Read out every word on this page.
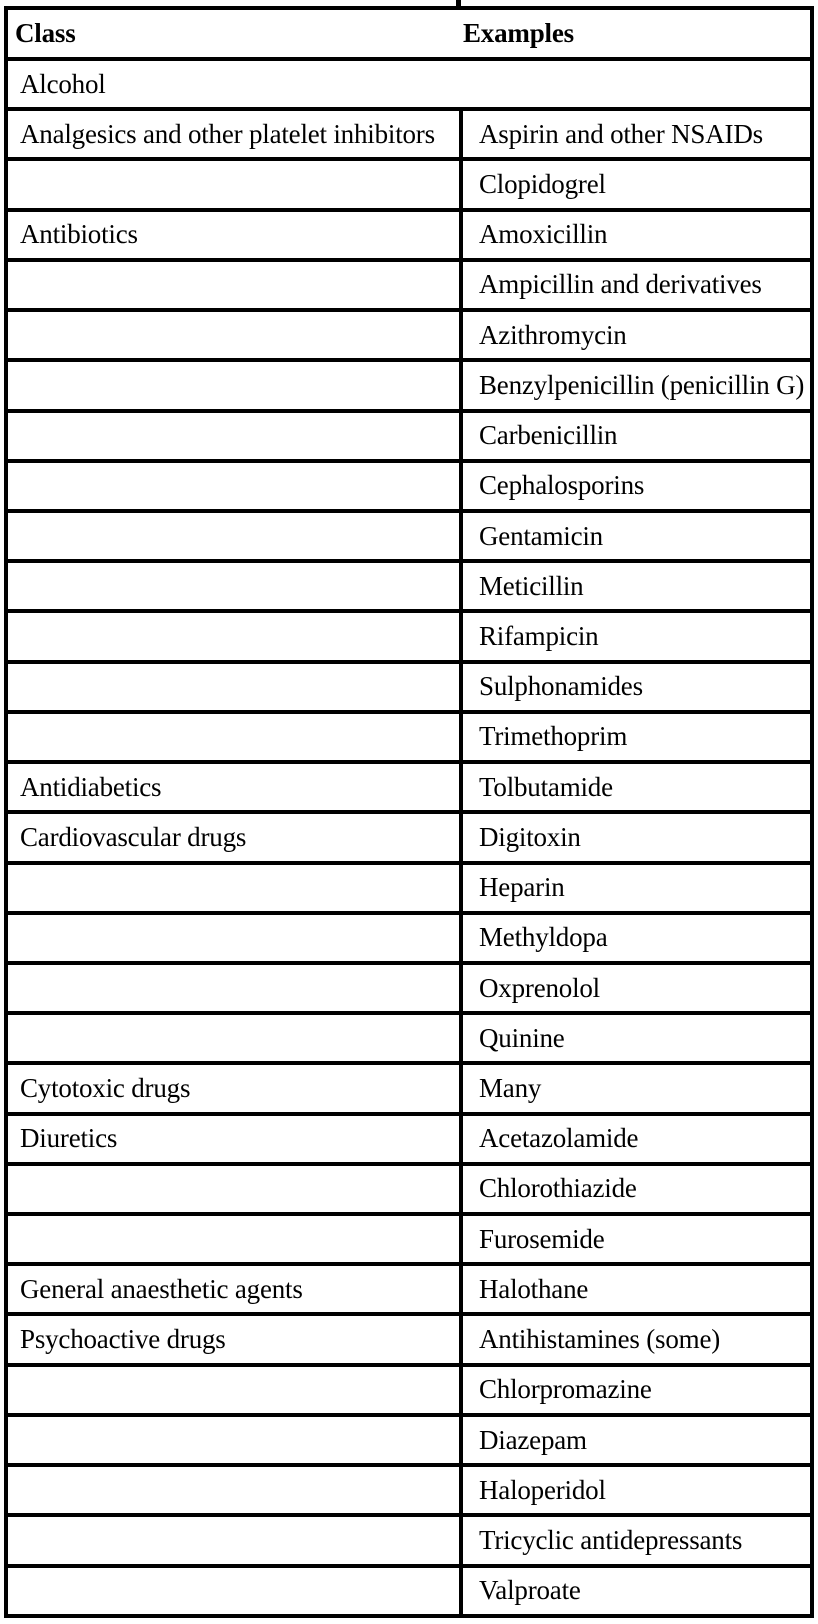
Class	Examples
Alcohol	
Analgesics and other platelet inhibitors	Aspirin and other NSAIDs
	Clopidogrel
Antibiotics	Amoxicillin
	Ampicillin and derivatives
	Azithromycin
	Benzylpenicillin (penicillin G)
	Carbenicillin
	Cephalosporins
	Gentamicin
	Meticillin
	Rifampicin
	Sulphonamides
	Trimethoprim
Antidiabetics	Tolbutamide
Cardiovascular drugs	Digitoxin
	Heparin
	Methyldopa
	Oxprenolol
	Quinine
Cytotoxic drugs	Many
Diuretics	Acetazolamide
	Chlorothiazide
	Furosemide
General anaesthetic agents	Halothane
Psychoactive drugs	Antihistamines (some)
	Chlorpromazine
	Diazepam
	Haloperidol
	Tricyclic antidepressants
	Valproate
